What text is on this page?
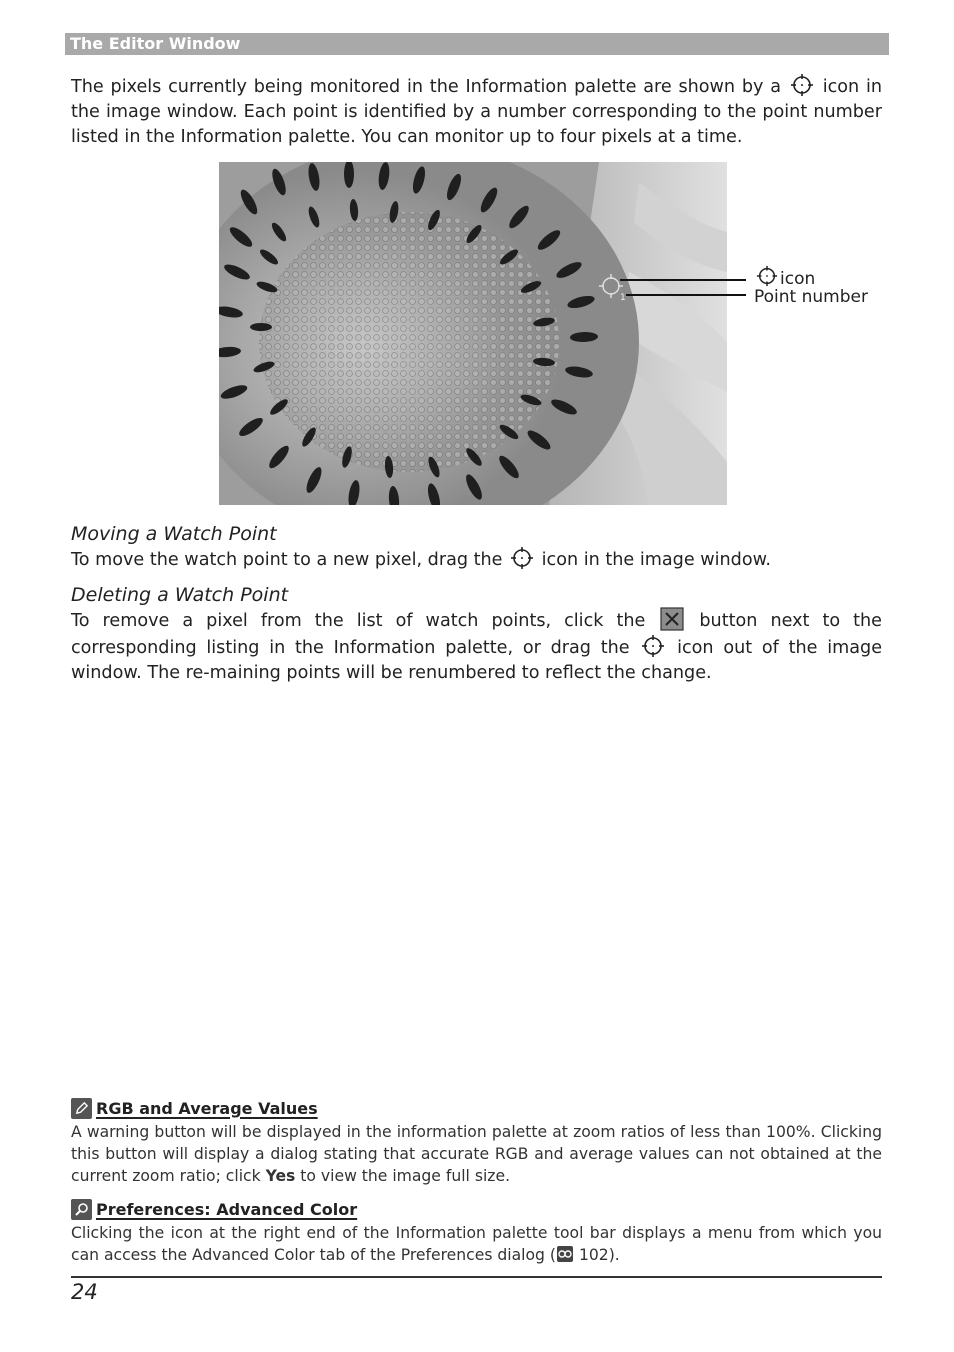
The Editor Window

The pixels currently being monitored in the Information palette are shown by a icon in the image window. Each point is identified by a number corresponding to the point number listed in the Information palette. You can monitor up to four pixels at a time.

1
icon
Point number

Moving a Watch Point

To move the watch point to a new pixel, drag the icon in the image window.

Deleting a Watch Point

To remove a pixel from the list of watch points, click the	button next to the corresponding listing in the Information palette, or drag the	icon out of the image window. The re-maining points will be renumbered to reflect the change.

RGB and Average Values

A warning button will be displayed in the information palette at zoom ratios of less than 100%. Clicking this button will display a dialog stating that accurate RGB and average values can not obtained at the current zoom ratio; click Yes to view the image full size.

Preferences: Advanced Color

Clicking the icon at the right end of the Information palette tool bar displays a menu from which you can access the Advanced Color tab of the Preferences dialog ( 102).

24
